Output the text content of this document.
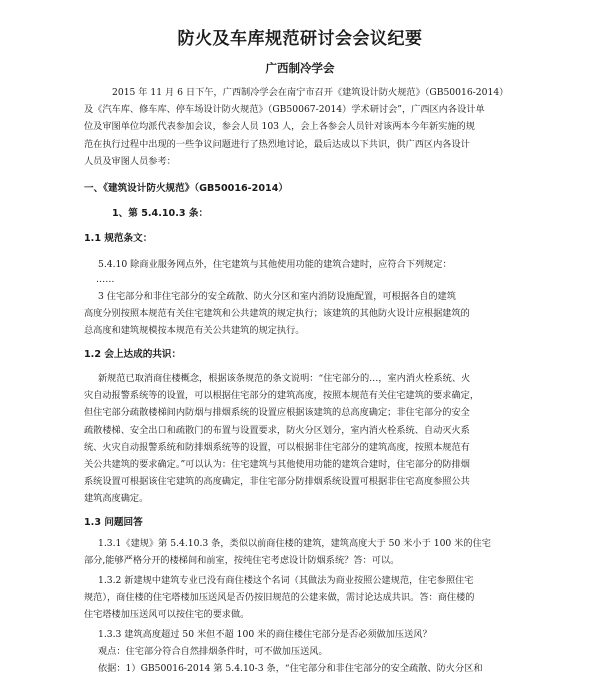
防火及车库规范研讨会会议纪要
广西制冷学会
2015 年 11 月 6 日下午，广西制冷学会在南宁市召开《建筑设计防火规范》（GB50016-2014）
及《汽车库、修车库、停车场设计防火规范》（GB50067-2014）学术研讨会”，广西区内各设计单
位及审图单位均派代表参加会议，参会人员 103 人，会上各参会人员针对该两本今年新实施的规
范在执行过程中出现的一些争议问题进行了热烈地讨论，最后达成以下共识，供广西区内各设计
人员及审图人员参考：
一、《建筑设计防火规范》（GB50016-2014）
1、第 5.4.10.3 条：
1.1 规范条文：
5.4.10 除商业服务网点外，住宅建筑与其他使用功能的建筑合建时，应符合下列规定：
……
3 住宅部分和非住宅部分的安全疏散、防火分区和室内消防设施配置，可根据各自的建筑
高度分别按照本规范有关住宅建筑和公共建筑的规定执行；该建筑的其他防火设计应根据建筑的
总高度和建筑规模按本规范有关公共建筑的规定执行。
1.2 会上达成的共识：
新规范已取消商住楼概念，根据该条规范的条文说明：“住宅部分的…，室内消火栓系统、火
灾自动报警系统等的设置，可以根据住宅部分的建筑高度，按照本规范有关住宅建筑的要求确定，
但住宅部分疏散楼梯间内防烟与排烟系统的设置应根据该建筑的总高度确定；非住宅部分的安全
疏散楼梯、安全出口和疏散门的布置与设置要求，防火分区划分，室内消火栓系统、自动灭火系
统、火灾自动报警系统和防排烟系统等的设置，可以根据非住宅部分的建筑高度，按照本规范有
关公共建筑的要求确定。”可以认为：住宅建筑与其他使用功能的建筑合建时，住宅部分的防排烟
系统设置可根据该住宅建筑的高度确定，非住宅部分防排烟系统设置可根据非住宅高度参照公共
建筑高度确定。
1.3 问题回答
1.3.1《建规》第 5.4.10.3 条，类似以前商住楼的建筑，建筑高度大于 50 米小于 100 米的住宅
部分,能够严格分开的楼梯间和前室，按纯住宅考虑设计防烟系统？答：可以。
1.3.2 新建规中建筑专业已没有商住楼这个名词（其做法为商业按照公建规范，住宅参照住宅
规范），商住楼的住宅塔楼加压送风是否仍按旧规范的公建来做，需讨论达成共识。答：商住楼的
住宅塔楼加压送风可以按住宅的要求做。
1.3.3 建筑高度超过 50 米但不超 100 米的商住楼住宅部分是否必须做加压送风？
观点：住宅部分符合自然排烟条件时，可不做加压送风。
依据：1）GB50016-2014 第 5.4.10-3 条，“住宅部分和非住宅部分的安全疏散、防火分区和
